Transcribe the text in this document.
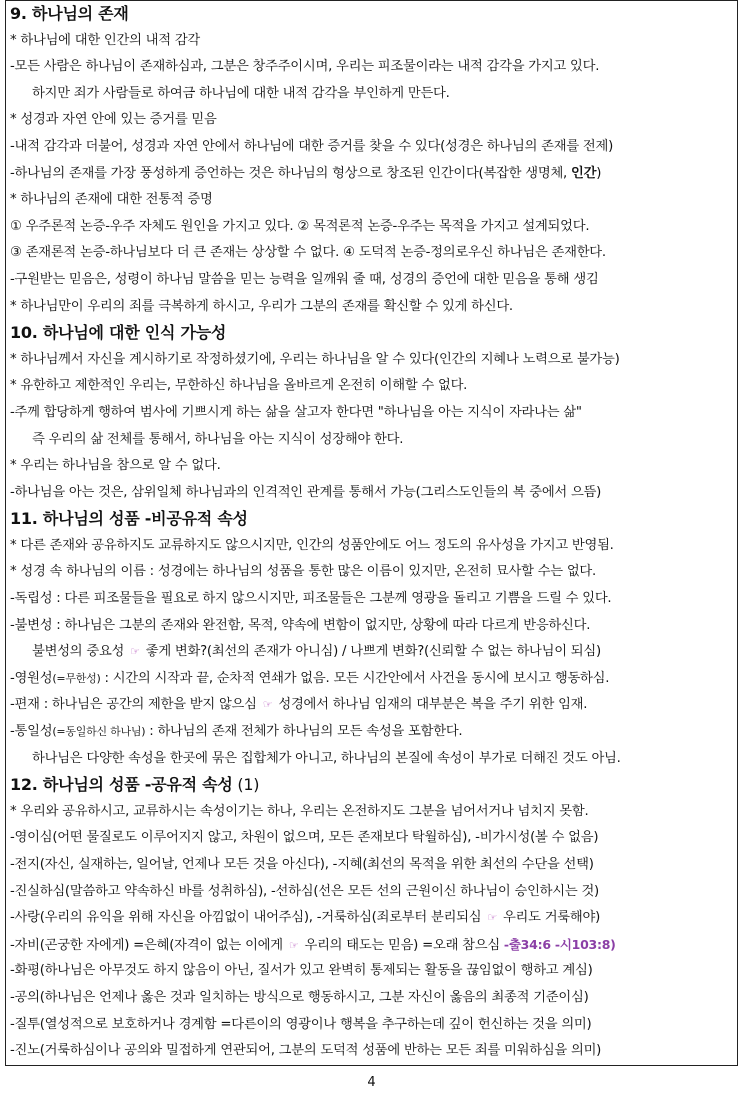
9. 하나님의 존재
* 하나님에 대한 인간의 내적 감각
-모든 사람은 하나님이 존재하심과, 그분은 창주주이시며, 우리는 피조물이라는 내적 감각을 가지고 있다.
하지만 죄가 사람들로 하여금 하나님에 대한 내적 감각을 부인하게 만든다.
* 성경과 자연 안에 있는 증거를 믿음
-내적 감각과 더불어, 성경과 자연 안에서 하나님에 대한 증거를 찾을 수 있다(성경은 하나님의 존재를 전제)
-하나님의 존재를 가장 풍성하게 증언하는 것은 하나님의 형상으로 창조된 인간이다(복잡한 생명체, 인간)
* 하나님의 존재에 대한 전통적 증명
① 우주론적 논증-우주 자체도 원인을 가지고 있다. ② 목적론적 논증-우주는 목적을 가지고 설계되었다.
③ 존재론적 논증-하나님보다 더 큰 존재는 상상할 수 없다. ④ 도덕적 논증-정의로우신 하나님은 존재한다.
-구원받는 믿음은, 성령이 하나님 말씀을 믿는 능력을 일깨워 줄 때, 성경의 증언에 대한 믿음을 통해 생김
* 하나님만이 우리의 죄를 극복하게 하시고, 우리가 그분의 존재를 확신할 수 있게 하신다.
10. 하나님에 대한 인식 가능성
* 하나님께서 자신을 계시하기로 작정하셨기에, 우리는 하나님을 알 수 있다(인간의 지혜나 노력으로 불가능)
* 유한하고 제한적인 우리는, 무한하신 하나님을 올바르게 온전히 이해할 수 없다.
-주께 합당하게 행하여 범사에 기쁘시게 하는 삶을 살고자 한다면 "하나님을 아는 지식이 자라나는 삶"
즉 우리의 삶 전체를 통해서, 하나님을 아는 지식이 성장해야 한다.
* 우리는 하나님을 참으로 알 수 없다.
-하나님을 아는 것은, 삼위일체 하나님과의 인격적인 관계를 통해서 가능(그리스도인들의 복 중에서 으뜸)
11. 하나님의 성품 -비공유적 속성
* 다른 존재와 공유하지도 교류하지도 않으시지만, 인간의 성품안에도 어느 정도의 유사성을 가지고 반영됨.
* 성경 속 하나님의 이름 : 성경에는 하나님의 성품을 통한 많은 이름이 있지만, 온전히 묘사할 수는 없다.
-독립성 : 다른 피조물들을 필요로 하지 않으시지만, 피조물들은 그분께 영광을 돌리고 기쁨을 드릴 수 있다.
-불변성 : 하나님은 그분의 존재와 완전함, 목적, 약속에 변함이 없지만, 상황에 따라 다르게 반응하신다.
불변성의 중요성 ☞ 좋게 변화?(최선의 존재가 아니심) / 나쁘게 변화?(신뢰할 수 없는 하나님이 되심)
-영원성(=무한성) : 시간의 시작과 끝, 순차적 연쇄가 없음. 모든 시간안에서 사건을 동시에 보시고 행동하심.
-편재 : 하나님은 공간의 제한을 받지 않으심 ☞ 성경에서 하나님 임재의 대부분은 복을 주기 위한 임재.
-통일성(=동일하신 하나님) : 하나님의 존재 전체가 하나님의 모든 속성을 포함한다.
하나님은 다양한 속성을 한곳에 묶은 집합체가 아니고, 하나님의 본질에 속성이 부가로 더해진 것도 아님.
12. 하나님의 성품 -공유적 속성 (1)
* 우리와 공유하시고, 교류하시는 속성이기는 하나, 우리는 온전하지도 그분을 넘어서거나 넘치지 못함.
-영이심(어떤 물질로도 이루어지지 않고, 차원이 없으며, 모든 존재보다 탁월하심), -비가시성(볼 수 없음)
-전지(자신, 실재하는, 일어날, 언제나 모든 것을 아신다), -지혜(최선의 목적을 위한 최선의 수단을 선택)
-진실하심(말씀하고 약속하신 바를 성취하심), -선하심(선은 모든 선의 근원이신 하나님이 승인하시는 것)
-사랑(우리의 유익을 위해 자신을 아낌없이 내어주심), -거룩하심(죄로부터 분리되심 ☞ 우리도 거룩해야)
-자비(곤궁한 자에게) =은혜(자격이 없는 이에게 ☞ 우리의 태도는 믿음) =오래 참으심 -출34:6 -시103:8)
-화평(하나님은 아무것도 하지 않음이 아닌, 질서가 있고 완벽히 통제되는 활동을 끊임없이 행하고 계심)
-공의(하나님은 언제나 옳은 것과 일치하는 방식으로 행동하시고, 그분 자신이 옳음의 최종적 기준이심)
-질투(열성적으로 보호하거나 경계함 =다른이의 영광이나 행복을 추구하는데 깊이 헌신하는 것을 의미)
-진노(거룩하심이나 공의와 밀접하게 연관되어, 그분의 도덕적 성품에 반하는 모든 죄를 미워하심을 의미)
4
